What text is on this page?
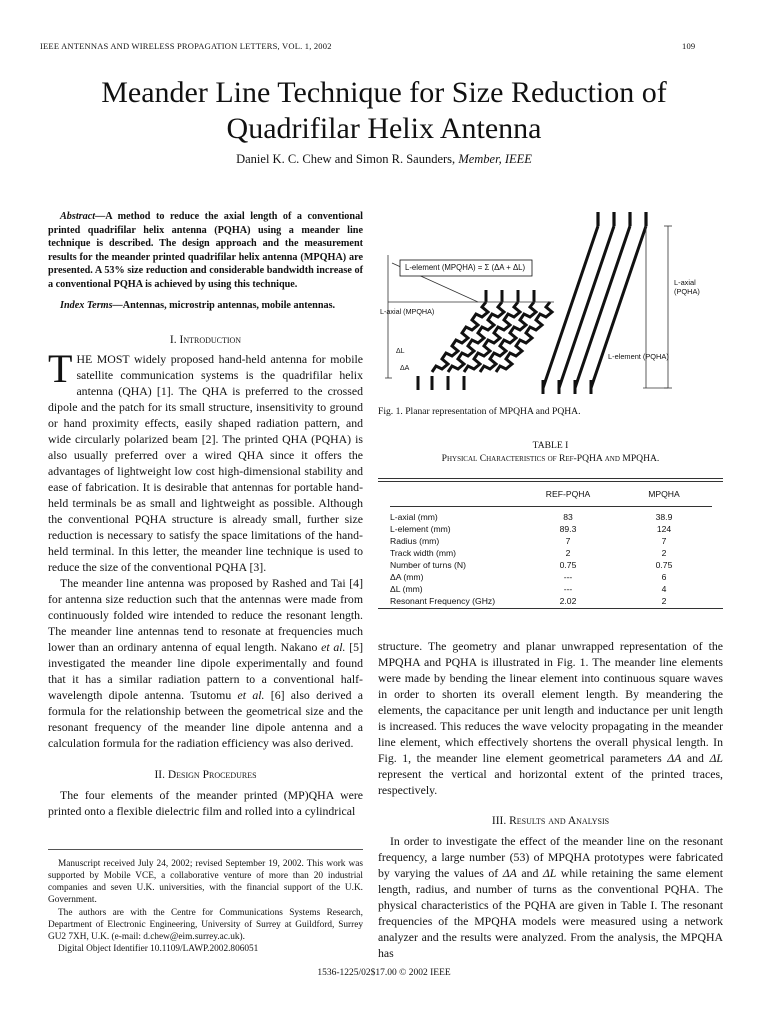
IEEE ANTENNAS AND WIRELESS PROPAGATION LETTERS, VOL. 1, 2002	109
Meander Line Technique for Size Reduction of
Quadrifilar Helix Antenna
Daniel K. C. Chew and Simon R. Saunders, Member, IEEE

Abstract—A method to reduce the axial length of a conventional printed quadrifilar helix antenna (PQHA) using a meander line technique is described. The design approach and the measurement results for the meander printed quadrifilar helix antenna (MPQHA) are presented. A 53% size reduction and considerable bandwidth increase of a conventional PQHA is achieved by using this technique.

Index Terms—Antennas, microstrip antennas, mobile antennas.

I. Introduction

THE MOST widely proposed hand-held antenna for mobile satellite communication systems is the quadrifilar helix antenna (QHA) [1]. The QHA is preferred to the crossed dipole and the patch for its small structure, insensitivity to ground or hand proximity effects, easily shaped radiation pattern, and wide circularly polarized beam [2]. The printed QHA (PQHA) is also usually preferred over a wired QHA since it offers the advantages of lightweight low cost high-dimensional stability and ease of fabrication. It is desirable that antennas for portable hand-held terminals be as small and lightweight as possible. Although the conventional PQHA structure is already small, further size reduction is necessary to satisfy the space limitations of the hand-held terminal. In this letter, the meander line technique is used to reduce the size of the conventional PQHA [3].

The meander line antenna was proposed by Rashed and Tai [4] for antenna size reduction such that the antennas were made from continuously folded wire intended to reduce the resonant length. The meander line antennas tend to resonate at frequencies much lower than an ordinary antenna of equal length. Nakano et al. [5] investigated the meander line dipole experimentally and found that it has a similar radiation pattern to a conventional half-wavelength dipole antenna. Tsutomu et al. [6] also derived a formula for the relationship between the geometrical size and the resonant frequency of the meander line dipole antenna and a calculation formula for the radiation efficiency was also derived.

II. Design Procedures

The four elements of the meander printed (MP)QHA were printed onto a flexible dielectric film and rolled into a cylindrical

Manuscript received July 24, 2002; revised September 19, 2002. This work was supported by Mobile VCE, a collaborative venture of more than 20 industrial companies and seven U.K. universities, with the financial support of the U.K. Government.

The authors are with the Centre for Communications Systems Research, Department of Electronic Engineering, University of Surrey at Guildford, Surrey GU2 7XH, U.K. (e-mail: d.chew@eim.surrey.ac.uk).

Digital Object Identifier 10.1109/LAWP.2002.806051

L-element (MPQHA) = Σ (ΔA + ΔL)
L-axial (MPQHA)
L-axial (PQHA)
L-element (PQHA)
ΔL
ΔA
Fig. 1. Planar representation of MPQHA and PQHA.
TABLE I
Physical Characteristics of Ref-PQHA and MPQHA.
	REF-PQHA	MPQHA

L-axial (mm)	83	38.9
L-element (mm)	89.3	124
Radius (mm)	7	7
Track width (mm)	2	2
Number of turns (N)	0.75	0.75
ΔA (mm)	---	6
ΔL (mm)	---	4
Resonant Frequency (GHz)	2.02	2

structure. The geometry and planar unwrapped representation of the MPQHA and PQHA is illustrated in Fig. 1. The meander line elements were made by bending the linear element into continuous square waves in order to shorten its overall element length. By meandering the elements, the capacitance per unit length and inductance per unit length is increased. This reduces the wave velocity propagating in the meander line element, which effectively shortens the overall physical length. In Fig. 1, the meander line element geometrical parameters ΔA and ΔL represent the vertical and horizontal extent of the printed traces, respectively.

III. Results and Analysis

In order to investigate the effect of the meander line on the resonant frequency, a large number (53) of MPQHA prototypes were fabricated by varying the values of ΔA and ΔL while retaining the same element length, radius, and number of turns as the conventional PQHA. The physical characteristics of the PQHA are given in Table I. The resonant frequencies of the MPQHA models were measured using a network analyzer and the results were analyzed. From the analysis, the MPQHA has

1536-1225/02$17.00 © 2002 IEEE
